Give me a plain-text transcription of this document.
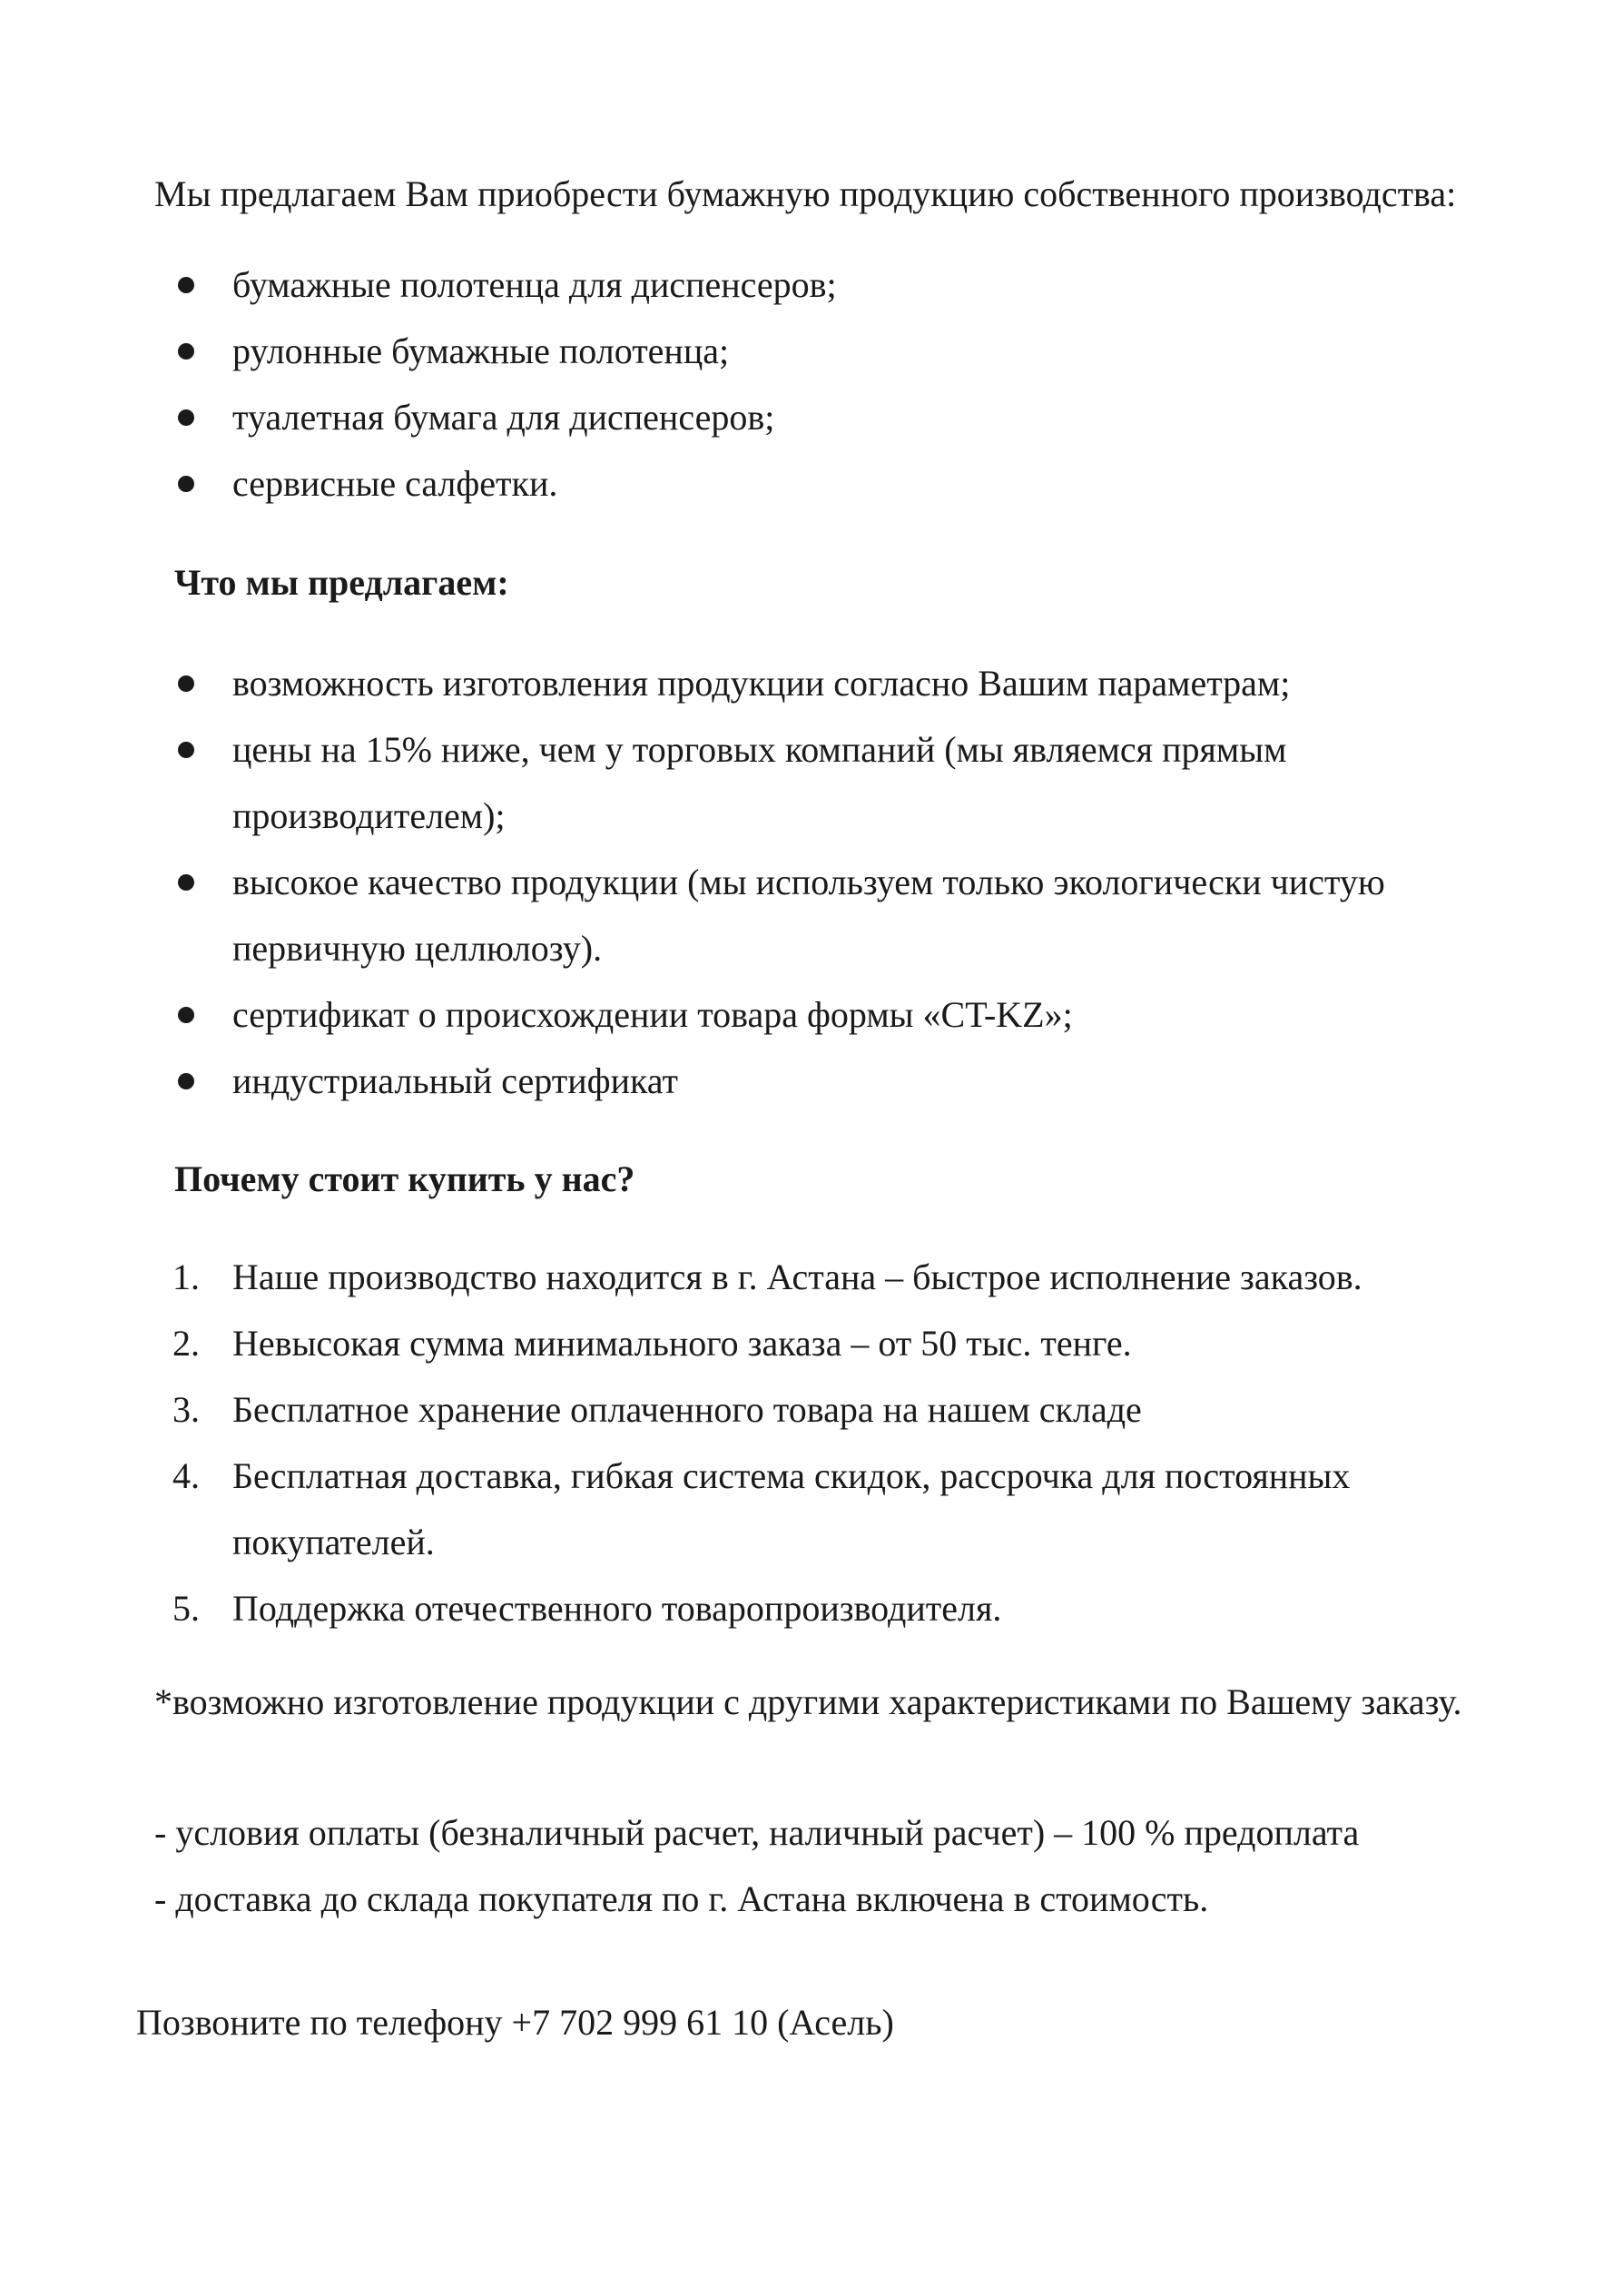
Мы предлагаем Вам приобрести бумажную продукцию собственного производства:
бумажные полотенца для диспенсеров;
рулонные бумажные полотенца;
туалетная бумага для диспенсеров;
сервисные салфетки.
Что мы предлагаем:
возможность изготовления продукции согласно Вашим параметрам;
цены на 15% ниже, чем у торговых компаний (мы являемся прямым
производителем);
высокое качество продукции (мы используем только экологически чистую
первичную целлюлозу).
сертификат о происхождении товара формы «CT-KZ»;
индустриальный сертификат
Почему стоит купить у нас?
1. Наше производство находится в г. Астана – быстрое исполнение заказов.
2. Невысокая сумма минимального заказа – от 50 тыс. тенге.
3. Бесплатное хранение оплаченного товара на нашем складе
4. Бесплатная доставка, гибкая система скидок, рассрочка для постоянных
покупателей.
5. Поддержка отечественного товаропроизводителя.
*возможно изготовление продукции с другими характеристиками по Вашему заказу.
- условия оплаты (безналичный расчет, наличный расчет) – 100 % предоплата
- доставка до склада покупателя по г. Астана включена в стоимость.
Позвоните по телефону +7 702 999 61 10 (Асель)
